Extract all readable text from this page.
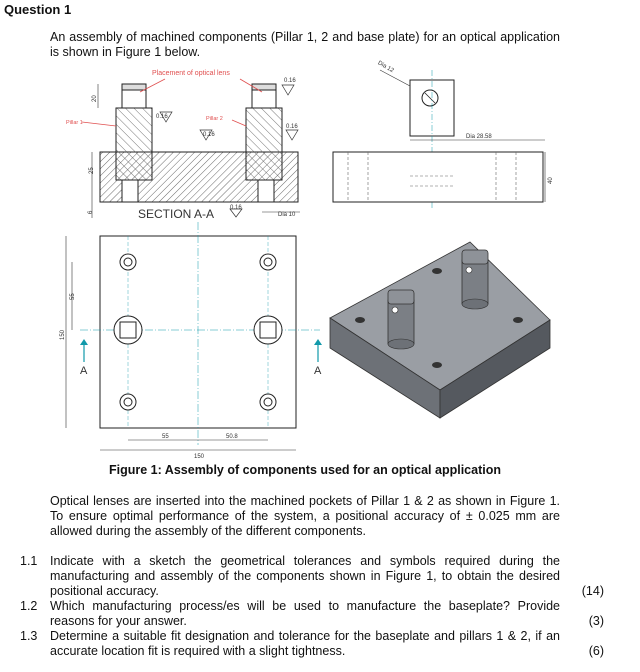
Question 1
An assembly of machined components (Pillar 1, 2 and base plate) for an optical application is shown in Figure 1 below.
Placement of optical lens
Pillar 1
Pillar 2
0.16
0.16
0.16
0.16
0.16
20
25
6	SECTION A-A	Dia 10
Dia 12
Dia 28.58
40
150
55
55	50.8
150
A	A
Figure 1: Assembly of components used for an optical application
Optical lenses are inserted into the machined pockets of Pillar 1 & 2 as shown in Figure 1. To ensure optimal performance of the system, a positional accuracy of ± 0.025 mm are allowed during the assembly of the different components.
1.1 Indicate with a sketch the geometrical tolerances and symbols required during the manufacturing and assembly of the components shown in Figure 1, to obtain the desired positional accuracy.	(14)
1.2 Which manufacturing process/es will be used to manufacture the baseplate? Provide reasons for your answer.	(3)
1.3 Determine a suitable fit designation and tolerance for the baseplate and pillars 1 & 2, if an accurate location fit is required with a slight tightness.	(6)
